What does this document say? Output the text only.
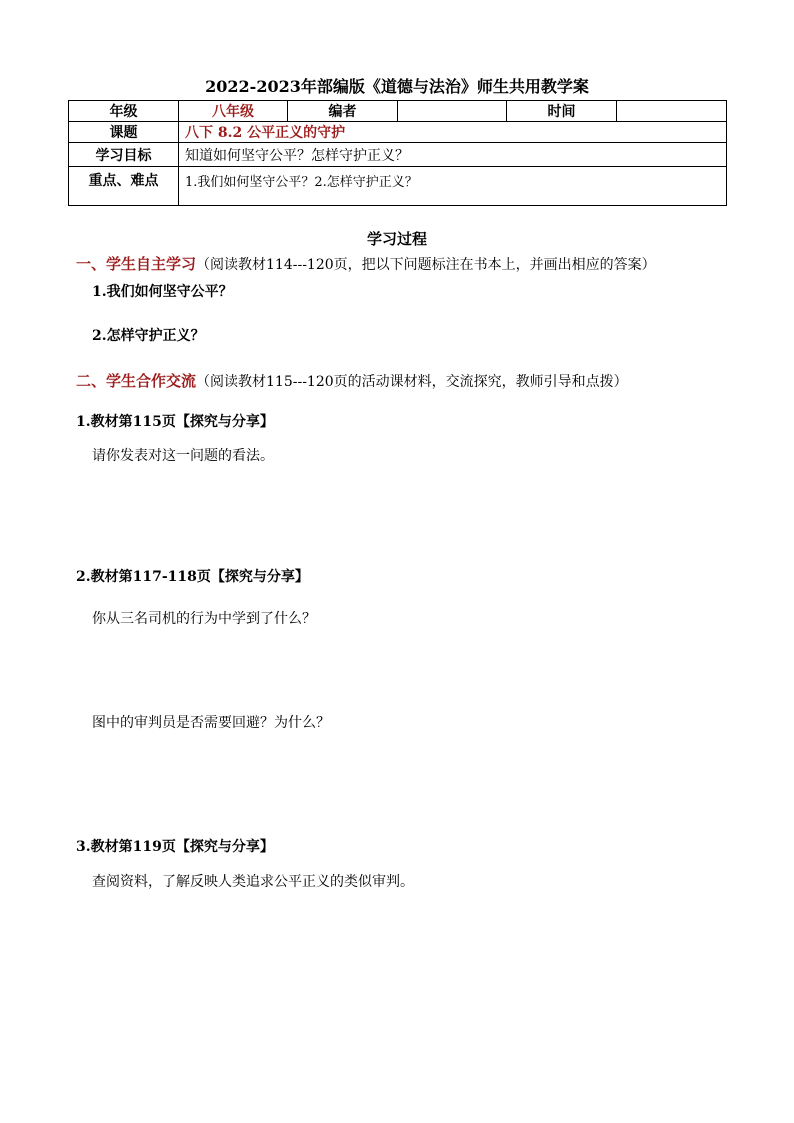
2022-2023年部编版《道德与法治》师生共用教学案
年级	八年级	编者		时间	
课题	八下 8.2 公平正义的守护				
学习目标	知道如何坚守公平？怎样守护正义？				
重点、难点	1.我们如何坚守公平？2.怎样守护正义？				
学习过程
一、学生自主学习（阅读教材114---120页，把以下问题标注在书本上，并画出相应的答案）
1.我们如何坚守公平？
2.怎样守护正义？
二、学生合作交流（阅读教材115---120页的活动课材料，交流探究，教师引导和点拨）
1.教材第115页【探究与分享】
请你发表对这一问题的看法。
2.教材第117-118页【探究与分享】
你从三名司机的行为中学到了什么？
图中的审判员是否需要回避？为什么？
3.教材第119页【探究与分享】
查阅资料，了解反映人类追求公平正义的类似审判。
